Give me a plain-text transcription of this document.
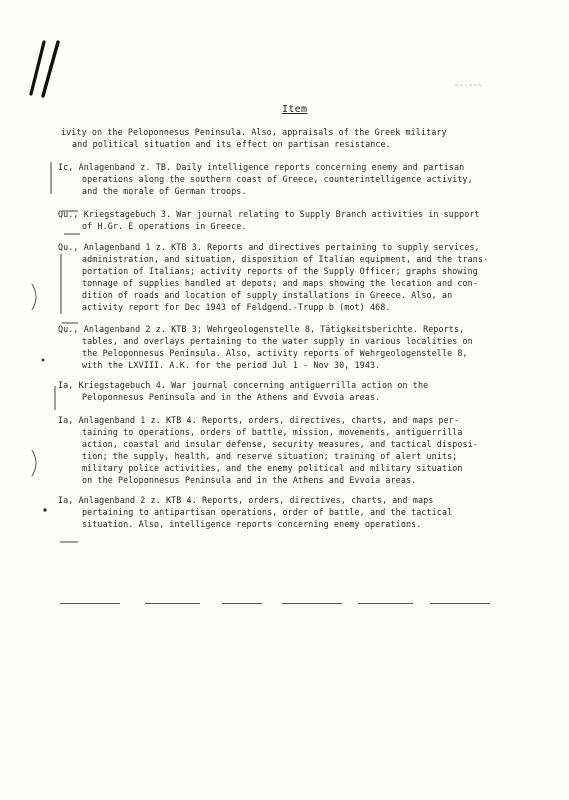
~~-~~~
Item
ivity on the Peloponnesus Peninsula. Also, appraisals of the Greek military
and political situation and its effect on partisan resistance.
Ic, Anlagenband z. TB. Daily intelligence reports concerning enemy and partisan
operations along the southern coast of Greece, counterintelligence activity,
and the morale of German troops.
Qu., Kriegstagebuch 3. War journal relating to Supply Branch activities in support
of H.Gr. E operations in Greece.
Qu., Anlagenband 1 z. KTB 3. Reports and directives pertaining to supply services,
administration, and situation, disposition of Italian equipment, and the trans-
portation of Italians; activity reports of the Supply Officer; graphs showing
tonnage of supplies handled at depots; and maps showing the location and con-
dition of roads and location of supply installations in Greece. Also, an
activity report for Dec 1943 of Feldgend.-Trupp b (mot) 468.
Qu., Anlagenband 2 z. KTB 3; Wehrgeologenstelle 8, Tätigkeitsberichte. Reports,
tables, and overlays pertaining to the water supply in various localities on
the Peloponnesus Peninsula. Also, activity reports of Wehrgeologenstelle 8,
with the LXVIII. A.K. for the period Jul 1 - Nov 30, 1943.
Ia, Kriegstagebuch 4. War journal concerning antiguerrilla action on the
Peloponnesus Peninsula and in the Athens and Evvoia areas.
Ia, Anlagenband 1 z. KTB 4. Reports, orders, directives, charts, and maps per-
taining to operations, orders of battle, mission, movements, antiguerrilla
action, coastal and insular defense, security measures, and tactical disposi-
tion; the supply, health, and reserve situation; training of alert units;
military police activities, and the enemy political and military situation
on the Peloponnesus Peninsula and in the Athens and Evvoia areas.
Ia, Anlagenband 2 z. KTB 4. Reports, orders, directives, charts, and maps
pertaining to antipartisan operations, order of battle, and the tactical
situation. Also, intelligence reports concerning enemy operations.
